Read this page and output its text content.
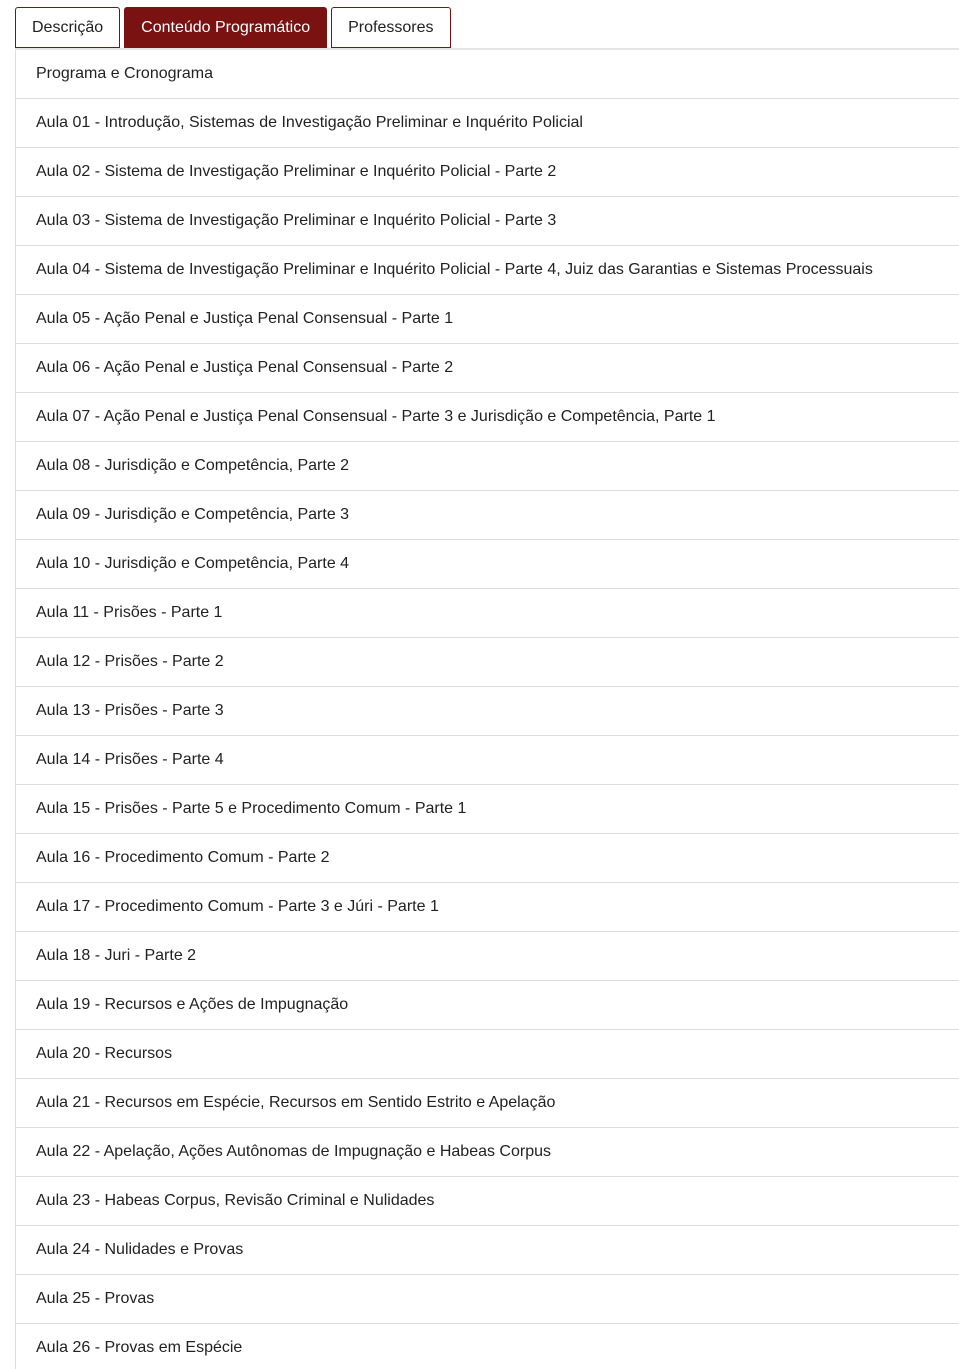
Descrição	Conteúdo Programático	Professores
Programa e Cronograma
Aula 01 - Introdução, Sistemas de Investigação Preliminar e Inquérito Policial
Aula 02 - Sistema de Investigação Preliminar e Inquérito Policial - Parte 2
Aula 03 - Sistema de Investigação Preliminar e Inquérito Policial - Parte 3
Aula 04 - Sistema de Investigação Preliminar e Inquérito Policial - Parte 4, Juiz das Garantias e Sistemas Processuais
Aula 05 - Ação Penal e Justiça Penal Consensual - Parte 1
Aula 06 - Ação Penal e Justiça Penal Consensual - Parte 2
Aula 07 - Ação Penal e Justiça Penal Consensual - Parte 3 e Jurisdição e Competência, Parte 1
Aula 08 - Jurisdição e Competência, Parte 2
Aula 09 - Jurisdição e Competência, Parte 3
Aula 10 - Jurisdição e Competência, Parte 4
Aula 11 - Prisões - Parte 1
Aula 12 - Prisões - Parte 2
Aula 13 - Prisões - Parte 3
Aula 14 - Prisões - Parte 4
Aula 15 - Prisões - Parte 5 e Procedimento Comum - Parte 1
Aula 16 - Procedimento Comum - Parte 2
Aula 17 - Procedimento Comum - Parte 3 e Júri - Parte 1
Aula 18 - Juri - Parte 2
Aula 19 - Recursos e Ações de Impugnação
Aula 20 - Recursos
Aula 21 - Recursos em Espécie, Recursos em Sentido Estrito e Apelação
Aula 22 - Apelação, Ações Autônomas de Impugnação e Habeas Corpus
Aula 23 - Habeas Corpus, Revisão Criminal e Nulidades
Aula 24 - Nulidades e Provas
Aula 25 - Provas
Aula 26 - Provas em Espécie
